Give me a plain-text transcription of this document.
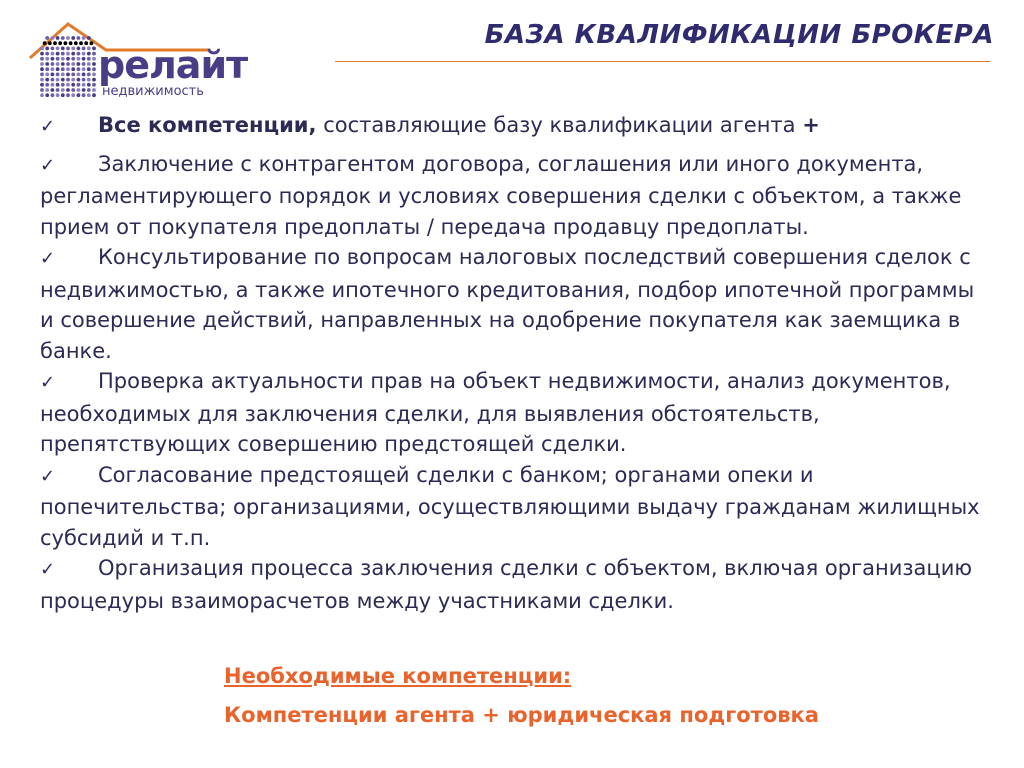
релайт
недвижимость
БАЗА КВАЛИФИКАЦИИ БРОКЕРА
✓ Все компетенции, составляющие базу квалификации агента +
✓ Заключение с контрагентом договора, соглашения или иного документа, регламентирующего порядок и условиях совершения сделки с объектом, а также прием от покупателя предоплаты / передача продавцу предоплаты.
✓ Консультирование по вопросам налоговых последствий совершения сделок с недвижимостью, а также ипотечного кредитования, подбор ипотечной программы и совершение действий, направленных на одобрение покупателя как заемщика в банке.
✓ Проверка актуальности прав на объект недвижимости, анализ документов, необходимых для заключения сделки, для выявления обстоятельств, препятствующих совершению предстоящей сделки.
✓ Согласование предстоящей сделки с банком; органами опеки и попечительства; организациями, осуществляющими выдачу гражданам жилищных субсидий и т.п.
✓ Организация процесса заключения сделки с объектом, включая организацию процедуры взаиморасчетов между участниками сделки.
Необходимые компетенции:
Компетенции агента + юридическая подготовка
